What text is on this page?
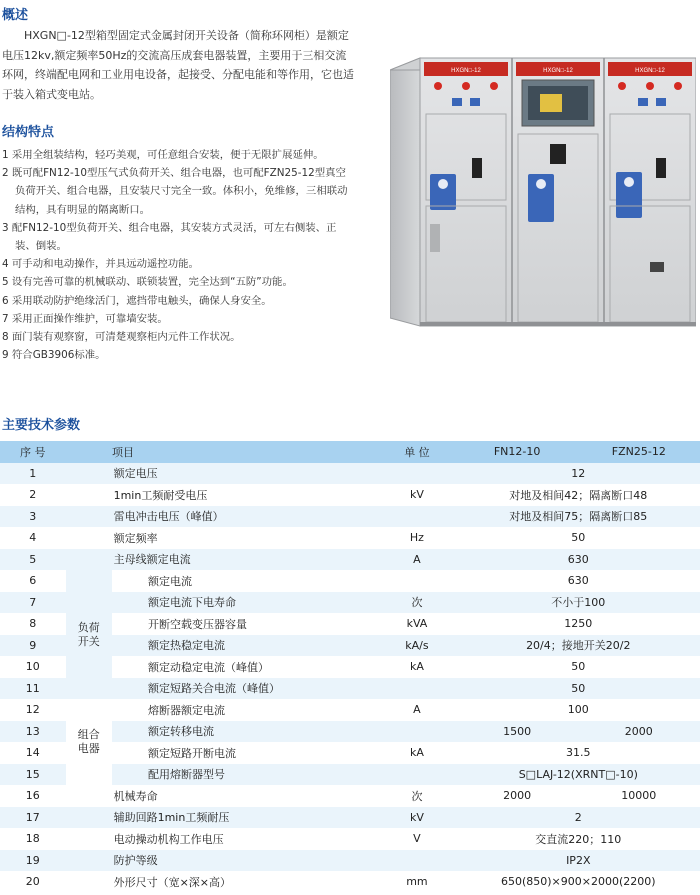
概述

HXGN□-12型箱型固定式金属封闭开关设备（简称环网柜）是额定电压12kv,额定频率50Hz的交流高压成套电器装置，主要用于三相交流环网，终端配电网和工业用电设备，起接受、分配电能和等作用，它也适于装入箱式变电站。

结构特点
1 采用全组装结构，轻巧美观，可任意组合安装，便于无限扩展延伸。
2 既可配FN12-10型压气式负荷开关、组合电器，也可配FZN25-12型真空负荷开关、组合电器，且安装尺寸完全一致。体积小，免维修，三相联动结构，具有明显的隔离断口。
3 配FN12-10型负荷开关、组合电器，其安装方式灵活，可左右侧装、正装、倒装。
4 可手动和电动操作，并具远动遥控功能。
5 设有完善可靠的机械联动、联锁装置，完全达到“五防”功能。
6 采用联动防护绝缘活门，遮挡带电触头，确保人身安全。
7 采用正面操作维护，可靠墙安装。
8 面门装有观察窗，可清楚观察柜内元件工作状况。
9 符合GB3906标准。
HXGN□-12	HXGN□-12	HXGN□-12
主要技术参数
序 号		项目	单 位	FN12-10	FZN25-12
1	额定电压			12	
2	1min工频耐受电压		kV	对地及相间42；隔离断口48	
3	雷电冲击电压（峰值）			对地及相间75；隔离断口85	
4	额定频率		Hz	50	
5	主母线额定电流		A	630	
6	负荷开关	额定电流		630	
7		额定电流下电寿命	次	不小于100	
8		开断空载变压器容量	kVA	1250	
9		额定热稳定电流	kA/s	20/4；接地开关20/2	
10		额定动稳定电流（峰值）	kA	50	
11		额定短路关合电流（峰值）		50	
12	组合电器	熔断器额定电流	A	100	
13		额定转移电流		1500	2000
14		额定短路开断电流	kA	31.5	
15		配用熔断器型号		S□LAJ-12(XRNT□-10)	
16	机械寿命		次	2000	10000
17	辅助回路1min工频耐压		kV	2	
18	电动操动机构工作电压		V	交直流220；110	
19	防护等级			IP2X	
20	外形尺寸（宽×深×高）		mm	650(850)×900×2000(2200)	
